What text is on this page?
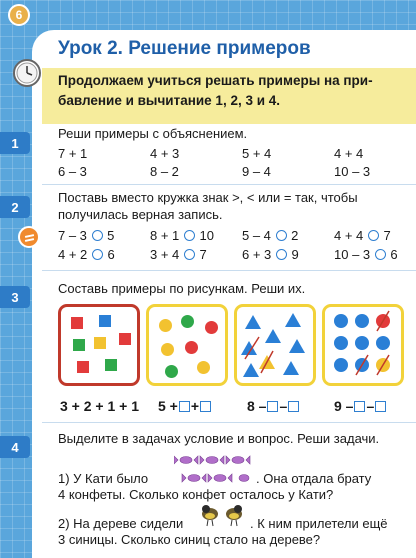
6
Урок 2. Решение примеров
Продолжаем учиться решать примеры на при-
бавление и вычитание 1, 2, 3 и 4.
1
Реши примеры с объяснением.
7 + 1	4 + 3	5 + 4	4 + 4
6 – 3	8 – 2	9 – 4	10 – 3
2
Поставь вместо кружка знак >, < или = так, чтобы
получилась верная запись.
7 – 3 5	8 + 1 10 5 – 4 2	4 + 4 7
4 + 2 6	3 + 4 7	6 + 3 9	10 – 3 6
3
Составь примеры по рисункам. Реши их.
3 + 2 + 1 + 1 5 + +	8 – –	9 – –
4
Выделите в задачах условие и вопрос. Реши задачи.
1) У Кати было	. Она отдала брату
4 конфеты. Сколько конфет осталось у Кати?
2) На дереве сидели	. К ним прилетели ещё
3 синицы. Сколько синиц стало на дереве?
